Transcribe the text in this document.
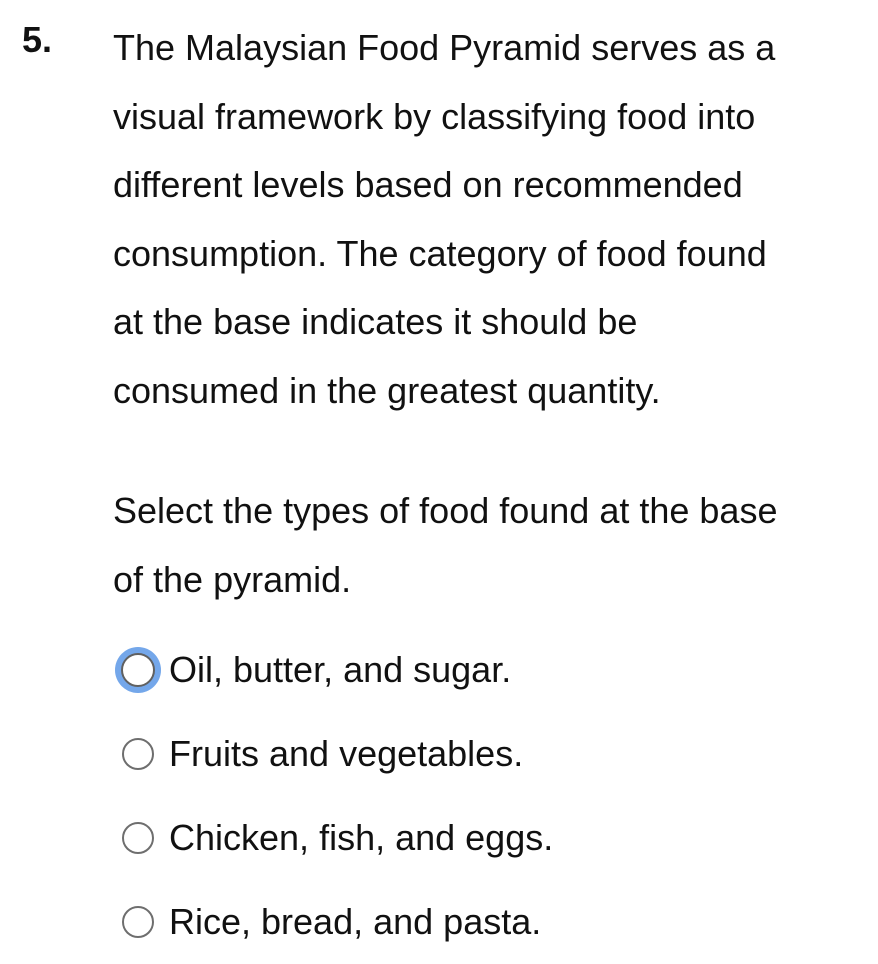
5. The Malaysian Food Pyramid serves as a
visual framework by classifying food into
different levels based on recommended
consumption. The category of food found
at the base indicates it should be
consumed in the greatest quantity.
Select the types of food found at the base
of the pyramid.
Oil, butter, and sugar.
Fruits and vegetables.
Chicken, fish, and eggs.
Rice, bread, and pasta.
